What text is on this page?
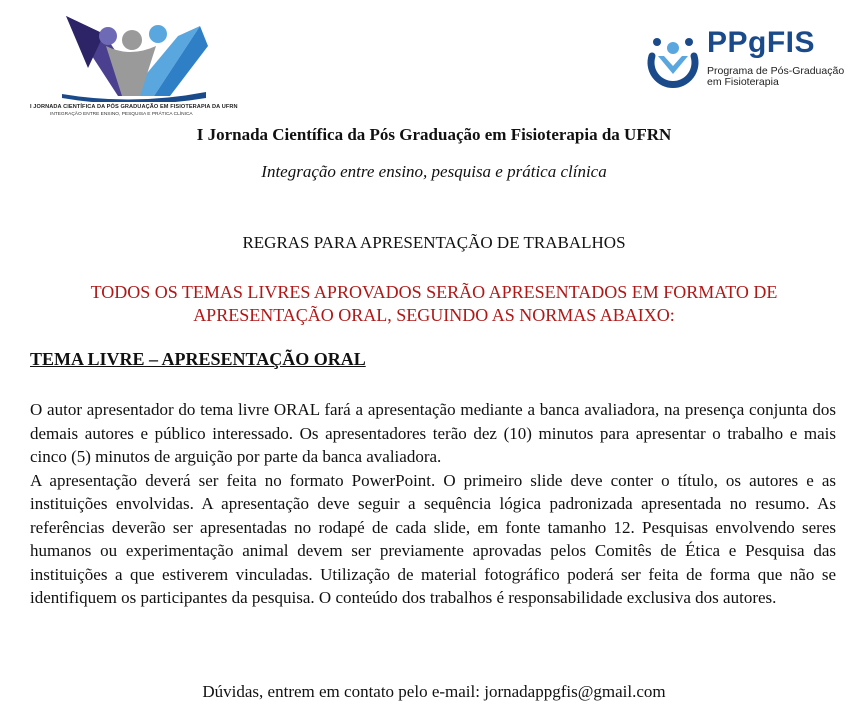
I JORNADA CIENTÍFICA DA PÓS GRADUAÇÃO EM FISIOTERAPIA DA UFRN
INTEGRAÇÃO ENTRE ENSINO, PESQUISA E PRÁTICA CLÍNICA
PPgFIS
Programa de Pós-Graduação em Fisioterapia
I Jornada Científica da Pós Graduação em Fisioterapia da UFRN
Integração entre ensino, pesquisa e prática clínica
REGRAS PARA APRESENTAÇÃO DE TRABALHOS
TODOS OS TEMAS LIVRES APROVADOS SERÃO APRESENTADOS EM FORMATO DE APRESENTAÇÃO ORAL, SEGUINDO AS NORMAS ABAIXO:
TEMA LIVRE – APRESENTAÇÃO ORAL

O autor apresentador do tema livre ORAL fará a apresentação mediante a banca avaliadora, na presença conjunta dos demais autores e público interessado. Os apresentadores terão dez (10) minutos para apresentar o trabalho e mais cinco (5) minutos de arguição por parte da banca avaliadora.

A apresentação deverá ser feita no formato PowerPoint. O primeiro slide deve conter o título, os autores e as instituições envolvidas. A apresentação deve seguir a sequência lógica padronizada apresentada no resumo. As referências deverão ser apresentadas no rodapé de cada slide, em fonte tamanho 12. Pesquisas envolvendo seres humanos ou experimentação animal devem ser previamente aprovadas pelos Comitês de Ética e Pesquisa das instituições a que estiverem vinculadas. Utilização de material fotográfico poderá ser feita de forma que não se identifiquem os participantes da pesquisa. O conteúdo dos trabalhos é responsabilidade exclusiva dos autores.

Dúvidas, entrem em contato pelo e-mail: jornadappgfis@gmail.com
